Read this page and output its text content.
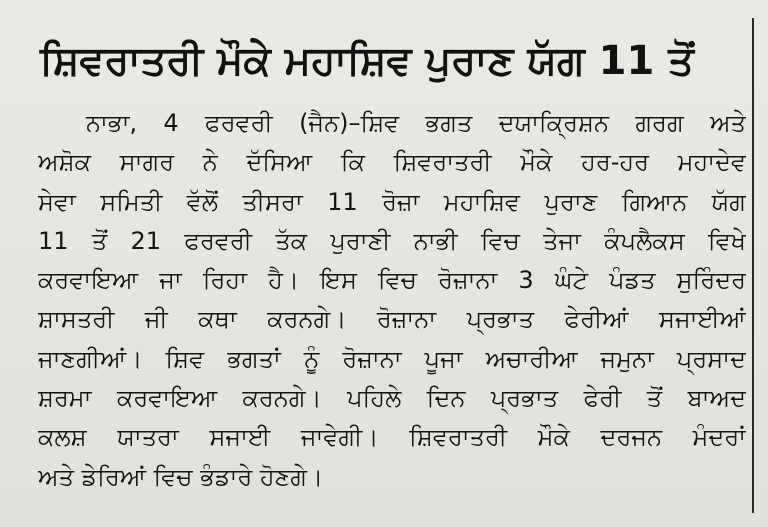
ਸ਼ਿਵਰਾਤਰੀ ਮੌਕੇ ਮਹਾਸ਼ਿਵ ਪੁਰਾਣ ਯੱਗ 11 ਤੋਂ
ਨਾਭਾ, 4 ਫਰਵਰੀ (ਜੈਨ)–ਸ਼ਿਵ ਭਗਤ ਦਯਾਕ੍ਰਿਸ਼ਨ ਗਰਗ ਅਤੇ
ਅਸ਼ੋਕ ਸਾਗਰ ਨੇ ਦੱਸਿਆ ਕਿ ਸ਼ਿਵਰਾਤਰੀ ਮੌਕੇ ਹਰ-ਹਰ ਮਹਾਦੇਵ
ਸੇਵਾ ਸਮਿਤੀ ਵੱਲੋਂ ਤੀਸਰਾ 11 ਰੋਜ਼ਾ ਮਹਾਸ਼ਿਵ ਪੁਰਾਣ ਗਿਆਨ ਯੱਗ
11 ਤੋਂ 21 ਫਰਵਰੀ ਤੱਕ ਪੁਰਾਣੀ ਨਾਭੀ ਵਿਚ ਤੇਜਾ ਕੰਪਲੈਕਸ ਵਿਖੇ
ਕਰਵਾਇਆ ਜਾ ਰਿਹਾ ਹੈ। ਇਸ ਵਿਚ ਰੋਜ਼ਾਨਾ 3 ਘੰਟੇ ਪੰਡਤ ਸੁਰਿੰਦਰ
ਸ਼ਾਸਤਰੀ ਜੀ ਕਥਾ ਕਰਨਗੇ। ਰੋਜ਼ਾਨਾ ਪ੍ਰਭਾਤ ਫੇਰੀਆਂ ਸਜਾਈਆਂ
ਜਾਣਗੀਆਂ। ਸ਼ਿਵ ਭਗਤਾਂ ਨੂੰ ਰੋਜ਼ਾਨਾ ਪੂਜਾ ਅਚਾਰੀਆ ਜਮੁਨਾ ਪ੍ਰਸਾਦ
ਸ਼ਰਮਾ ਕਰਵਾਇਆ ਕਰਨਗੇ। ਪਹਿਲੇ ਦਿਨ ਪ੍ਰਭਾਤ ਫੇਰੀ ਤੋਂ ਬਾਅਦ
ਕਲਸ਼ ਯਾਤਰਾ ਸਜਾਈ ਜਾਵੇਗੀ। ਸ਼ਿਵਰਾਤਰੀ ਮੌਕੇ ਦਰਜਨ ਮੰਦਰਾਂ
ਅਤੇ ਡੇਰਿਆਂ ਵਿਚ ਭੰਡਾਰੇ ਹੋਣਗੇ।
